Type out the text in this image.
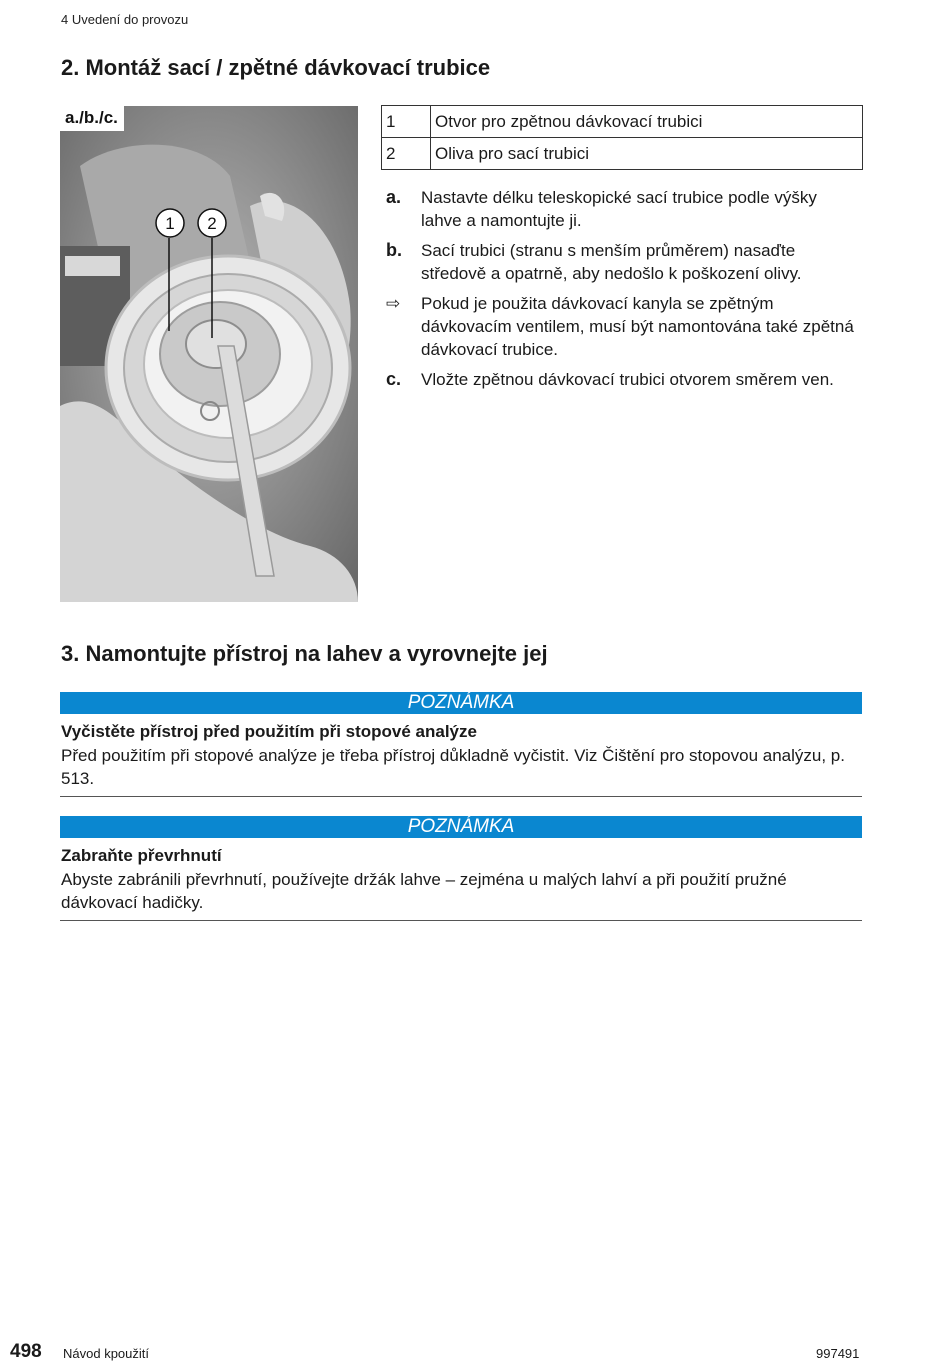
4 Uvedení do provozu
2. Montáž sací / zpětné dávkovací trubice
a./b./c.
1 2
1	Otvor pro zpětnou dávkovací trubici
2	Oliva pro sací trubici
a.	Nastavte délku teleskopické sací trubice podle výšky lahve a namontujte ji.
b.	Sací trubici (stranu s menším průměrem) nasaďte středově a opatrně, aby nedošlo k poškození olivy.
⇨	Pokud je použita dávkovací kanyla se zpětným dávkovacím ventilem, musí být namontována také zpětná dávkovací trubice.
c.	Vložte zpětnou dávkovací trubici otvorem směrem ven.
3. Namontujte přístroj na lahev a vyrovnejte jej
POZNÁMKA
Vyčistěte přístroj před použitím při stopové analýze
Před použitím při stopové analýze je třeba přístroj důkladně vyčistit. Viz Čištění pro stopovou analýzu, p. 513.
POZNÁMKA
Zabraňte převrhnutí
Abyste zabránili převrhnutí, používejte držák lahve – zejména u malých lahví a při použití pružné dávkovací hadičky.
498 Návod kpoužití	997491
